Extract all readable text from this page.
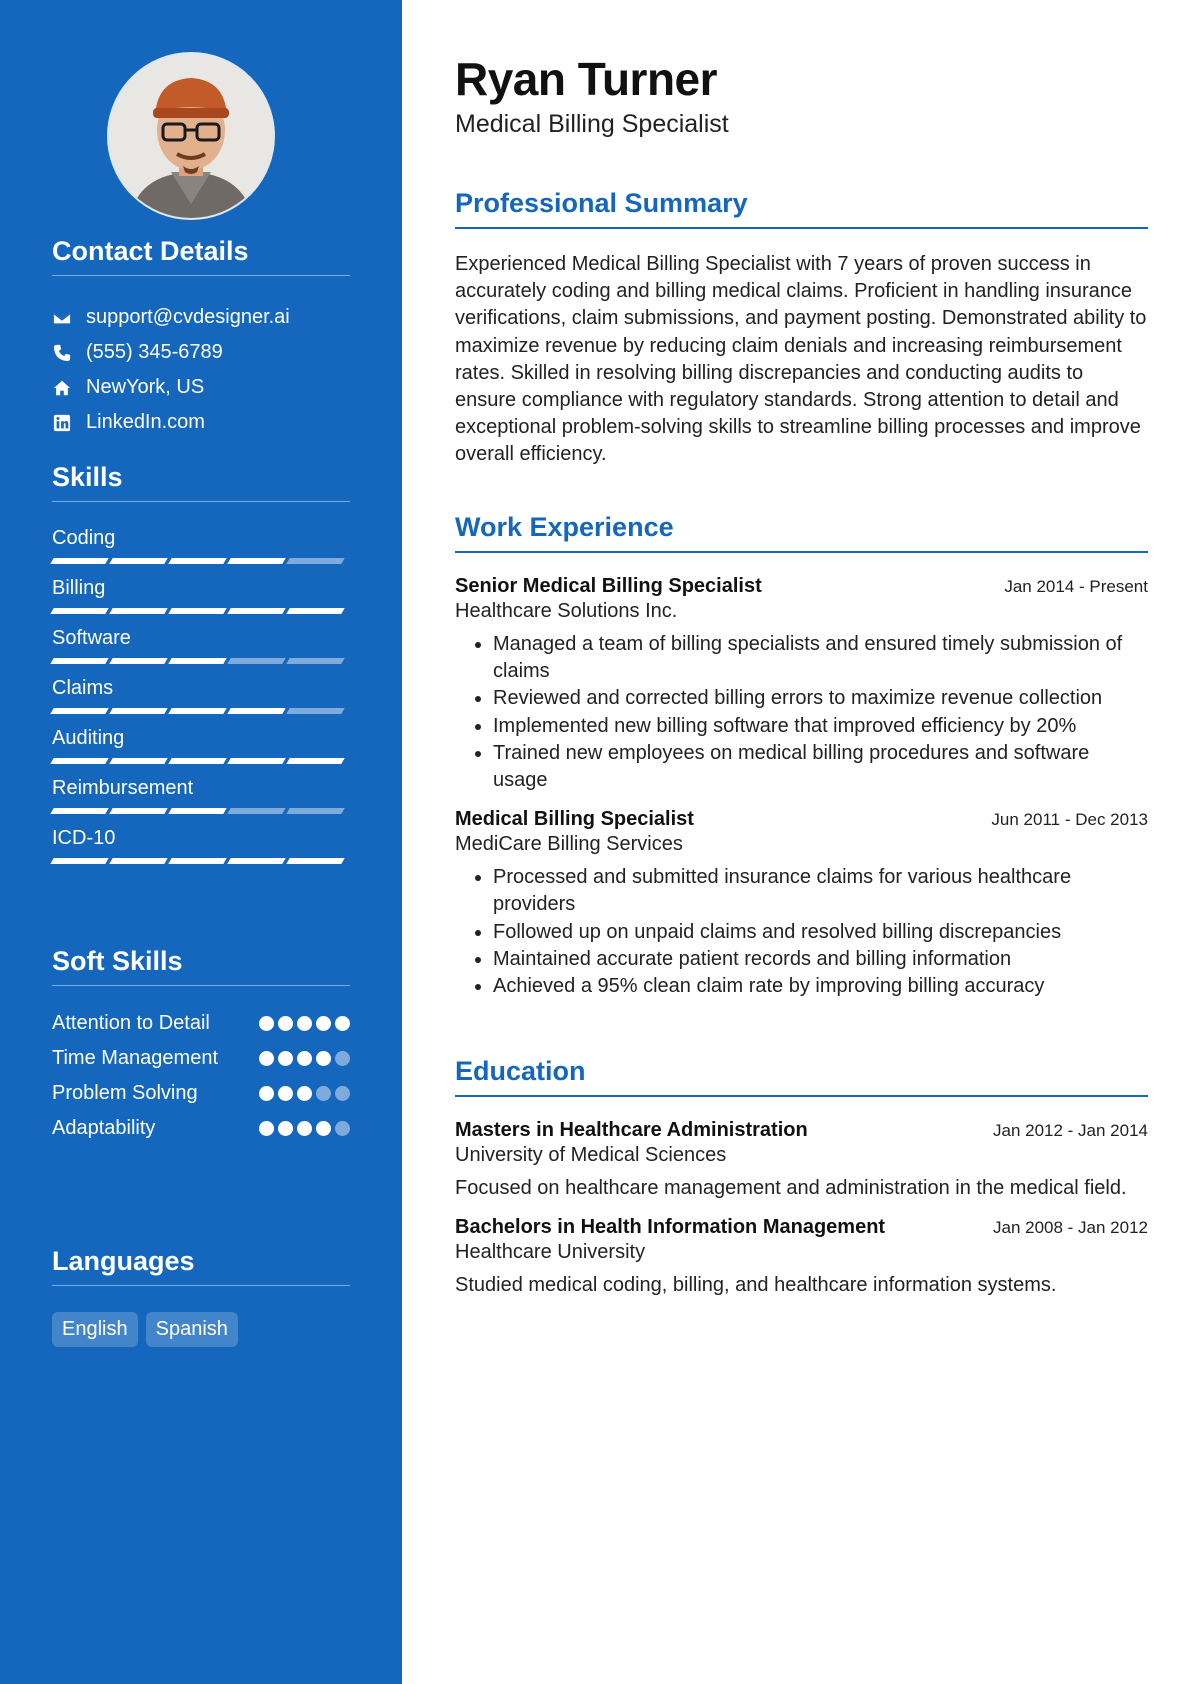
Contact Details
support@cvdesigner.ai
(555) 345-6789
NewYork, US
LinkedIn.com
Skills
Coding
Billing
Software
Claims
Auditing
Reimbursement
ICD-10
Soft Skills
Attention to Detail
Time Management
Problem Solving
Adaptability
Languages
English	Spanish
Ryan Turner
Medical Billing Specialist
Professional Summary
Experienced Medical Billing Specialist with 7 years of proven success in accurately coding and billing medical claims. Proficient in handling insurance verifications, claim submissions, and payment posting. Demonstrated ability to maximize revenue by reducing claim denials and increasing reimbursement rates. Skilled in resolving billing discrepancies and conducting audits to ensure compliance with regulatory standards. Strong attention to detail and exceptional problem-solving skills to streamline billing processes and improve overall efficiency.
Work Experience
Senior Medical Billing Specialist	Jan 2014 - Present
Healthcare Solutions Inc.
• Managed a team of billing specialists and ensured timely submission of claims
• Reviewed and corrected billing errors to maximize revenue collection
• Implemented new billing software that improved efficiency by 20%
• Trained new employees on medical billing procedures and software usage
Medical Billing Specialist	Jun 2011 - Dec 2013
MediCare Billing Services
• Processed and submitted insurance claims for various healthcare providers
• Followed up on unpaid claims and resolved billing discrepancies
• Maintained accurate patient records and billing information
• Achieved a 95% clean claim rate by improving billing accuracy
Education
Masters in Healthcare Administration	Jan 2012 - Jan 2014
University of Medical Sciences
Focused on healthcare management and administration in the medical field.
Bachelors in Health Information Management	Jan 2008 - Jan 2012
Healthcare University
Studied medical coding, billing, and healthcare information systems.
